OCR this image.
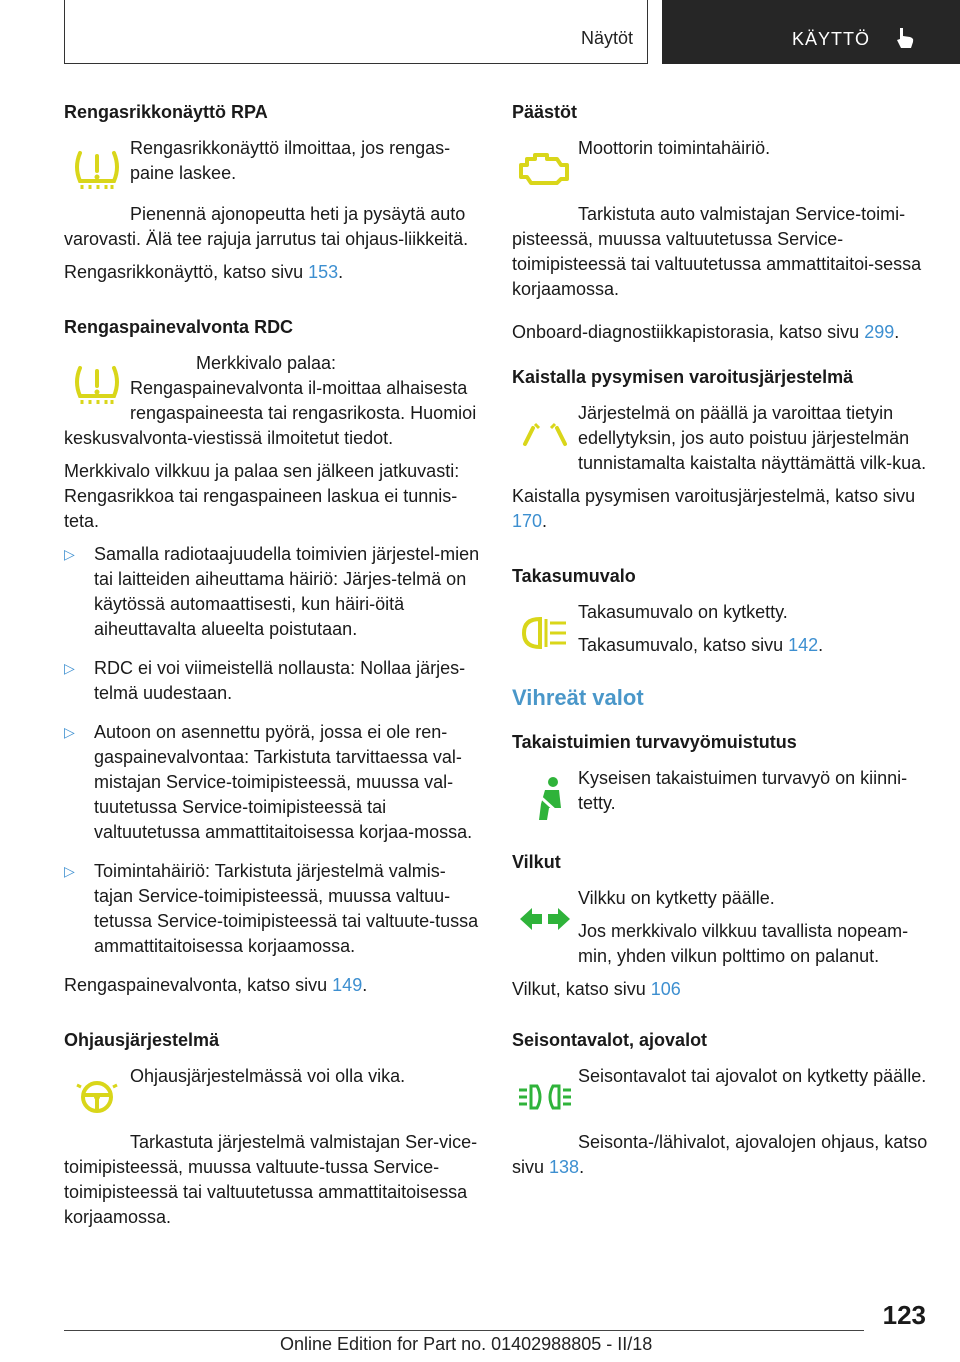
Näytöt	KÄYTTÖ
Rengasrikkonäyttö RPA

Rengasrikkonäyttö ilmoittaa, jos rengas-paine laskee.

Pienennä ajonopeutta heti ja pysäytä auto varovasti. Älä tee rajuja jarrutus tai ohjaus-liikkeitä.

Rengasrikkonäyttö, katso sivu 153.

Rengaspainevalvonta RDC

Merkkivalo palaa: Rengaspainevalvonta il-moittaa alhaisesta rengaspaineesta tai rengasrikosta. Huomioi keskusvalvonta-viestissä ilmoitetut tiedot.

Merkkivalo vilkkuu ja palaa sen jälkeen jatkuvasti: Rengasrikkoa tai rengaspaineen laskua ei tunnis-teta.

▷ Samalla radiotaajuudella toimivien järjestel-mien tai laitteiden aiheuttama häiriö: Järjes-telmä on käytössä automaattisesti, kun häiri-öitä aiheuttavalta alueelta poistutaan.
▷ RDC ei voi viimeistellä nollausta: Nollaa järjes-telmä uudestaan.
▷ Autoon on asennettu pyörä, jossa ei ole ren-gaspainevalvontaa: Tarkistuta tarvittaessa val-mistajan Service-toimipisteessä, muussa val-tuutetussa Service-toimipisteessä tai valtuutetussa ammattitaitoisessa korjaa-mossa.
▷ Toimintahäiriö: Tarkistuta järjestelmä valmis-tajan Service-toimipisteessä, muussa valtuu-tetussa Service-toimipisteessä tai valtuute-tussa ammattitaitoisessa korjaamossa.

Rengaspainevalvonta, katso sivu 149.

Ohjausjärjestelmä

Ohjausjärjestelmässä voi olla vika.

Tarkastuta järjestelmä valmistajan Ser-vice-toimipisteessä, muussa valtuute-tussa Service-toimipisteessä tai valtuutetussa ammattitaitoisessa korjaamossa.

Päästöt

Moottorin toimintahäiriö.

Tarkistuta auto valmistajan Service-toimi-pisteessä, muussa valtuutetussa Service-toimipisteessä tai valtuutetussa ammattitaitoi-sessa korjaamossa.

Onboard-diagnostiikkapistorasia, katso sivu 299.

Kaistalla pysymisen varoitusjärjestelmä

Järjestelmä on päällä ja varoittaa tietyin edellytyksin, jos auto poistuu järjestelmän tunnistamalta kaistalta näyttämättä vilk-kua.

Kaistalla pysymisen varoitusjärjestelmä, katso sivu 170.

Takasumuvalo

Takasumuvalo on kytketty.

Takasumuvalo, katso sivu 142.

Vihreät valot
Takaistuimien turvavyömuistutus

Kyseisen takaistuimen turvavyö on kiinni-tetty.

Vilkut

Vilkku on kytketty päälle.

Jos merkkivalo vilkkuu tavallista nopeam-min, yhden vilkun polttimo on palanut.

Vilkut, katso sivu 106

Seisontavalot, ajovalot

Seisontavalot tai ajovalot on kytketty päälle.

Seisonta-/lähivalot, ajovalojen ohjaus, katso sivu 138.

123
Online Edition for Part no. 01402988805 - II/18
